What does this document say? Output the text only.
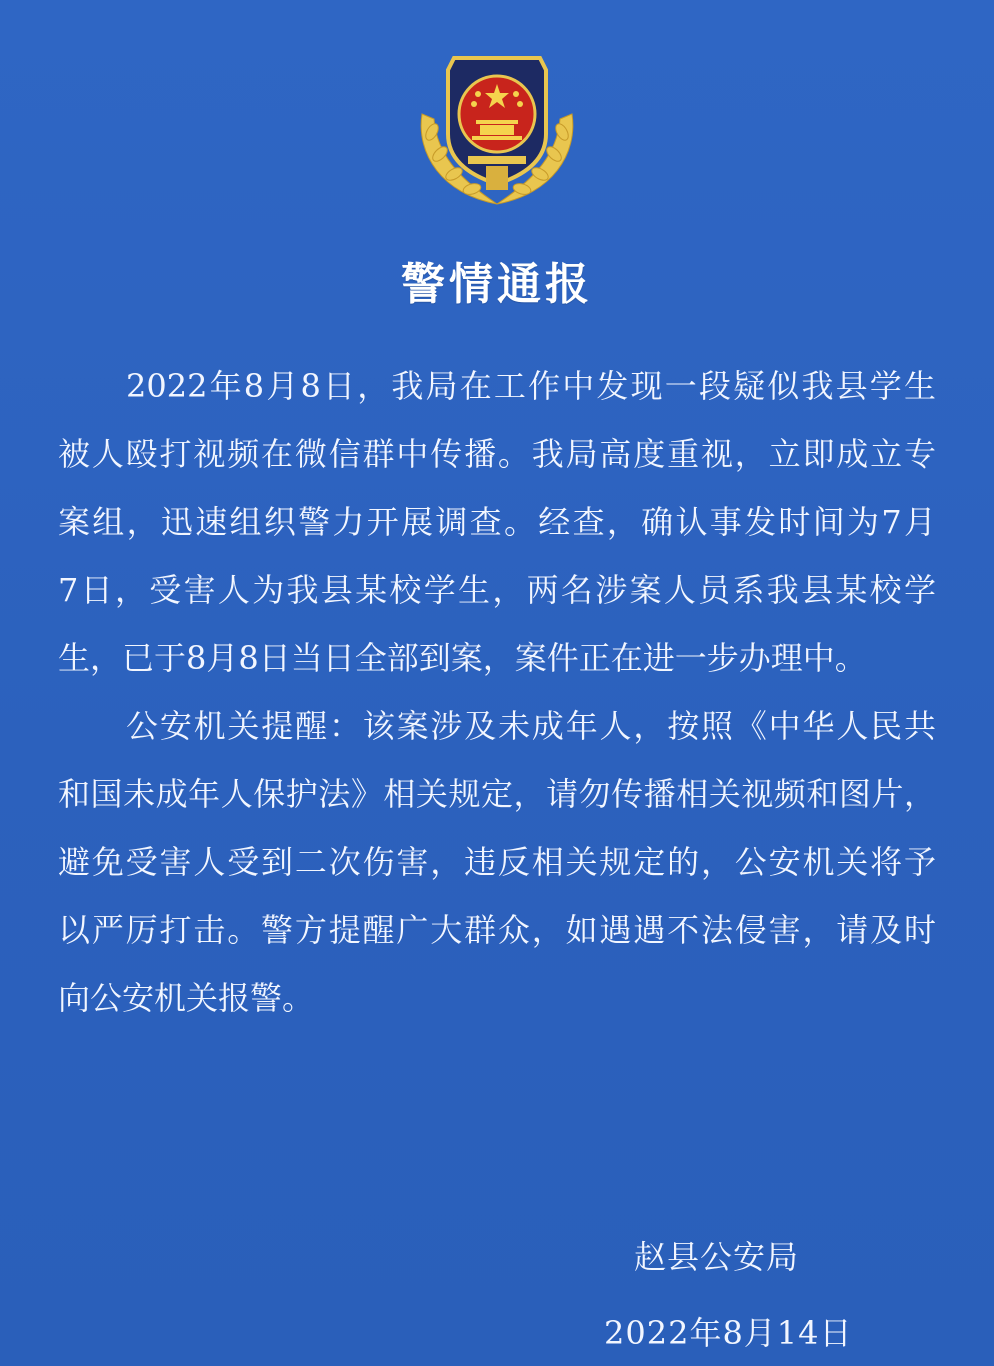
警情通报
2022年8月8日，我局在工作中发现一段疑似我县学生
被人殴打视频在微信群中传播。我局高度重视，立即成立专
案组，迅速组织警力开展调查。经查，确认事发时间为7月
7日，受害人为我县某校学生，两名涉案人员系我县某校学
生，已于8月8日当日全部到案，案件正在进一步办理中。
公安机关提醒：该案涉及未成年人，按照《中华人民共
和国未成年人保护法》相关规定，请勿传播相关视频和图片，
避免受害人受到二次伤害，违反相关规定的，公安机关将予
以严厉打击。警方提醒广大群众，如遇遇不法侵害，请及时
向公安机关报警。
赵县公安局
2022年8月14日
